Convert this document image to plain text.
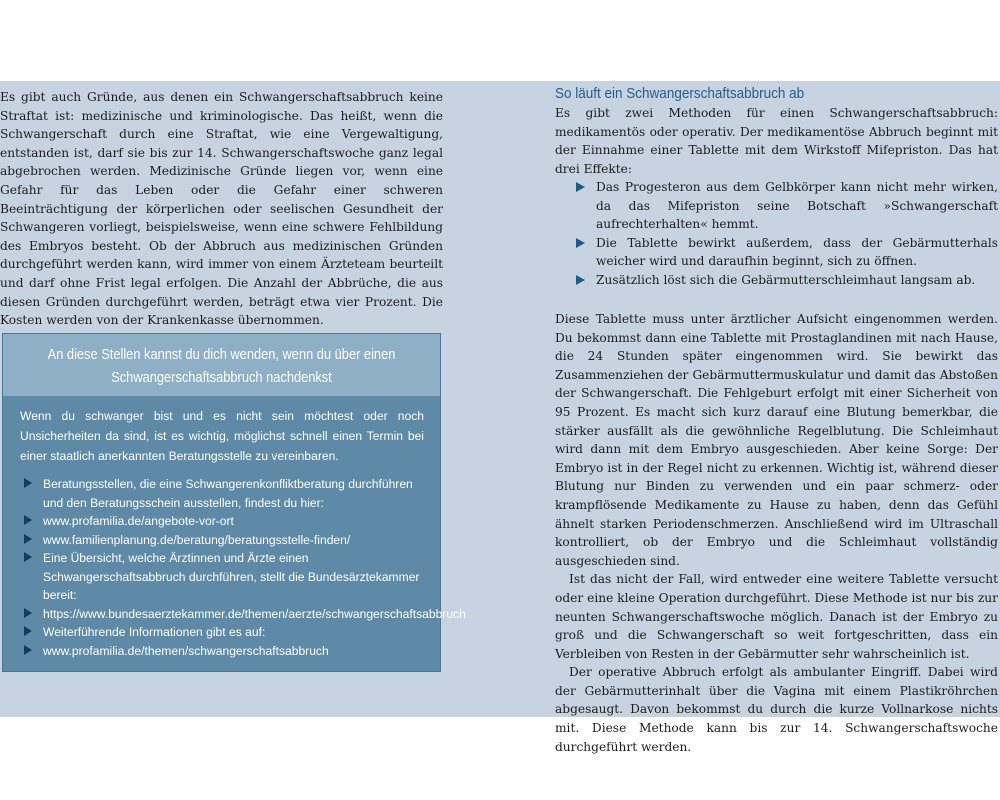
Es gibt auch Gründe, aus denen ein Schwangerschaftsabbruch keine Straftat ist: medizinische und kriminologische. Das heißt, wenn die Schwangerschaft durch eine Straftat, wie eine Vergewaltigung, entstanden ist, darf sie bis zur 14. Schwangerschaftswoche ganz legal abgebrochen werden. Medizinische Gründe liegen vor, wenn eine Gefahr für das Leben oder die Gefahr einer schweren Beeinträchtigung der körperlichen oder seelischen Gesundheit der Schwangeren vorliegt, beispielsweise, wenn eine schwere Fehlbildung des Embryos besteht. Ob der Abbruch aus medizinischen Gründen durchgeführt werden kann, wird immer von einem Ärzteteam beurteilt und darf ohne Frist legal erfolgen. Die Anzahl der Abbrüche, die aus diesen Gründen durchgeführt werden, beträgt etwa vier Prozent. Die Kosten werden von der Krankenkasse übernommen.

An diese Stellen kannst du dich wenden, wenn du über einen
Schwangerschaftsabbruch nachdenkst

Wenn du schwanger bist und es nicht sein möchtest oder noch Unsicherheiten da sind, ist es wichtig, möglichst schnell einen Termin bei einer staatlich anerkannten Beratungsstelle zu vereinbaren.

Beratungsstellen, die eine Schwangerenkonfliktberatung durchführen und den Beratungsschein ausstellen, findest du hier:
www.profamilia.de/angebote-vor-ort
www.familienplanung.de/beratung/beratungsstelle-finden/
Eine Übersicht, welche Ärztinnen und Ärzte einen Schwangerschaftsabbruch durchführen, stellt die Bundesärztekammer bereit:
https://www.bundesaerztekammer.de/themen/aerzte/schwangerschaftsabbruch
Weiterführende Informationen gibt es auf:
www.profamilia.de/themen/schwangerschaftsabbruch
So läuft ein Schwangerschaftsabbruch ab

Es gibt zwei Methoden für einen Schwangerschaftsabbruch: medikamentös oder operativ. Der medikamentöse Abbruch beginnt mit der Einnahme einer Tablette mit dem Wirkstoff Mifepriston. Das hat drei Effekte:

Das Progesteron aus dem Gelbkörper kann nicht mehr wirken, da das Mifepriston seine Botschaft »Schwangerschaft aufrechterhalten« hemmt.
Die Tablette bewirkt außerdem, dass der Gebärmutterhals weicher wird und daraufhin beginnt, sich zu öffnen.
Zusätzlich löst sich die Gebärmutterschleimhaut langsam ab.

Diese Tablette muss unter ärztlicher Aufsicht eingenommen werden. Du bekommst dann eine Tablette mit Prostaglandinen mit nach Hause, die 24 Stunden später eingenommen wird. Sie bewirkt das Zusammenziehen der Gebärmuttermuskulatur und damit das Abstoßen der Schwangerschaft. Die Fehlgeburt erfolgt mit einer Sicherheit von 95 Prozent. Es macht sich kurz darauf eine Blutung bemerkbar, die stärker ausfällt als die gewöhnliche Regelblutung. Die Schleimhaut wird dann mit dem Embryo ausgeschieden. Aber keine Sorge: Der Embryo ist in der Regel nicht zu erkennen. Wichtig ist, während dieser Blutung nur Binden zu verwenden und ein paar schmerz- oder krampflösende Medikamente zu Hause zu haben, denn das Gefühl ähnelt starken Periodenschmerzen. Anschließend wird im Ultraschall kontrolliert, ob der Embryo und die Schleimhaut vollständig ausgeschieden sind.

Ist das nicht der Fall, wird entweder eine weitere Tablette versucht oder eine kleine Operation durchgeführt. Diese Methode ist nur bis zur neunten Schwangerschaftswoche möglich. Danach ist der Embryo zu groß und die Schwangerschaft so weit fortgeschritten, dass ein Verbleiben von Resten in der Gebärmutter sehr wahrscheinlich ist.

Der operative Abbruch erfolgt als ambulanter Eingriff. Dabei wird der Gebärmutterinhalt über die Vagina mit einem Plastikröhrchen abgesaugt. Davon bekommst du durch die kurze Vollnarkose nichts mit. Diese Methode kann bis zur 14. Schwangerschaftswoche durchgeführt werden.
